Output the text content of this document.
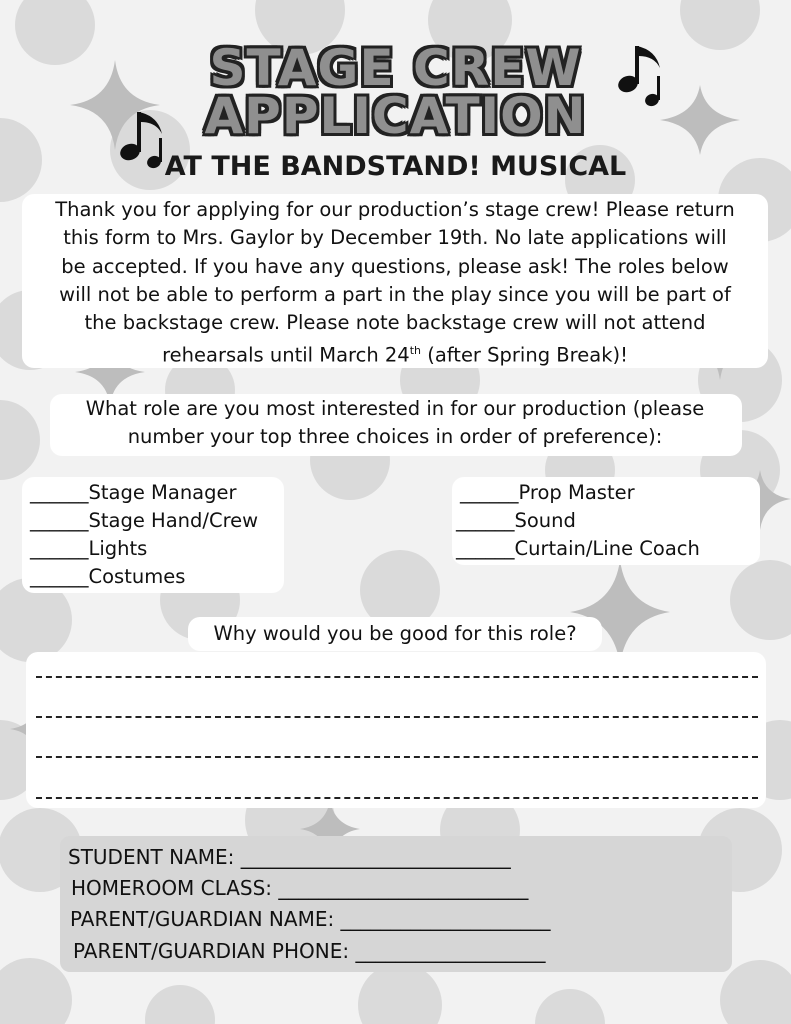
STAGE CREW
APPLICATION
AT THE BANDSTAND! MUSICAL
Thank you for applying for our production’s stage crew! Please return
this form to Mrs. Gaylor by December 19th. No late applications will
be accepted. If you have any questions, please ask! The roles below
will not be able to perform a part in the play since you will be part of
the backstage crew. Please note backstage crew will not attend
rehearsals until March 24th (after Spring Break)!
What role are you most interested in for our production (please
number your top three choices in order of preference):
______Stage Manager
______Stage Hand/Crew
______Lights
______Costumes
______Prop Master
______Sound
______Curtain/Line Coach
Why would you be good for this role?
STUDENT NAME: ___________________________
HOMEROOM CLASS: _________________________
PARENT/GUARDIAN NAME: _____________________
PARENT/GUARDIAN PHONE: ___________________
